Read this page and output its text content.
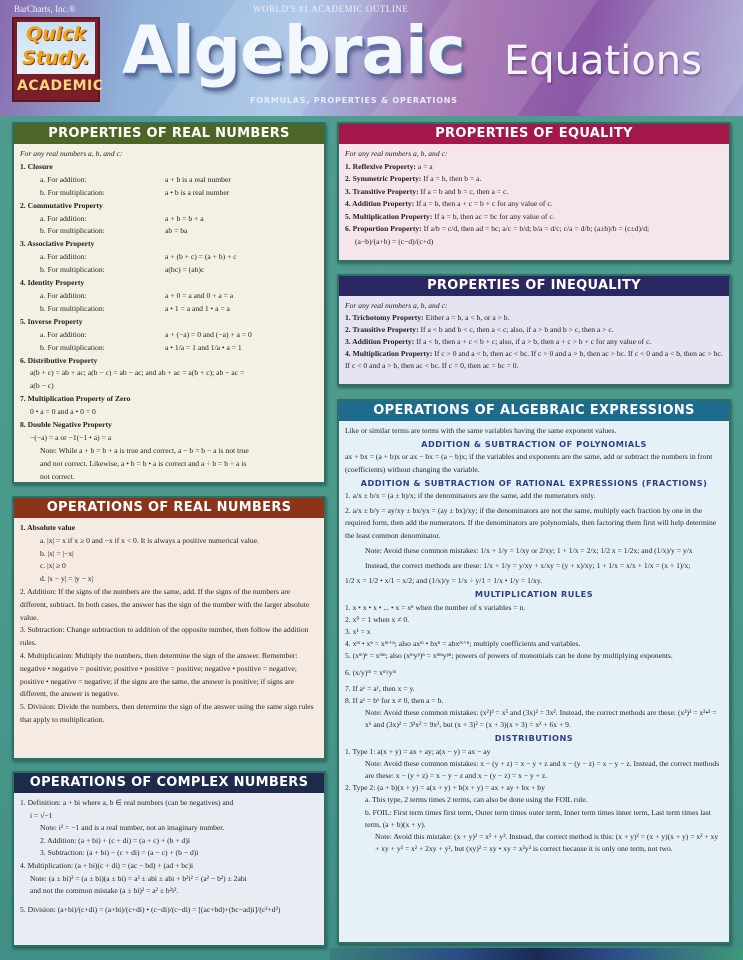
BarCharts, Inc.®
Quick
Study.
ACADEMIC
WORLD'S #1 ACADEMIC OUTLINE
Algebraic Equations
FORMULAS, PROPERTIES & OPERATIONS
PROPERTIES OF REAL NUMBERS
For any real numbers a, b, and c:
1. Closure
a. For addition:	a + b is a real number
b. For multiplication:	a • b is a real number
2. Commutative Property
a. For addition:	a + b = b + a
b. For multiplication:	ab = ba
3. Associative Property
a. For addition:	a + (b + c) = (a + b) + c
b. For multiplication:	a(bc) = (ab)c
4. Identity Property
a. For addition:	a + 0 = a and 0 + a = a
b. For multiplication:	a • 1 = a and 1 • a = a
5. Inverse Property
a. For addition:	a + (−a) = 0 and (−a) + a = 0
b. For multiplication:	a • 1/a = 1 and 1/a • a = 1
6. Distributive Property
a(b + c) = ab + ac; a(b − c) = ab − ac; and ab + ac = a(b + c); ab − ac =
a(b − c)
7. Multiplication Property of Zero
0 • a = 0 and a • 0 = 0
8. Double Negative Property
−(−a) = a or −1(−1 • a) = a
Note: While a + b = b + a is true and correct, a − b = b − a is not true
and not correct. Likewise, a • b = b • a is correct and a ÷ b = b ÷ a is
not correct.
PROPERTIES OF EQUALITY
For any real numbers a, b, and c:
1. Reflexive Property: a = a
2. Symmetric Property: If a = b, then b = a.
3. Transitive Property: If a = b and b = c, then a = c.
4. Addition Property: If a = b, then a + c = b + c for any value of c.
5. Multiplication Property: If a = b, then ac = bc for any value of c.
6. Proportion Property: If a/b = c/d, then ad = bc; a/c = b/d; b/a = d/c; c/a = d/b; (a±b)/b = (c±d)/d;
(a−b)/(a+b) = (c−d)/(c+d)
PROPERTIES OF INEQUALITY
For any real numbers a, b, and c:
1. Trichotomy Property: Either a = b, a < b, or a > b.
2. Transitive Property: If a < b and b < c, then a < c; also, if a > b and b > c, then a > c.
3. Addition Property: If a < b, then a + c < b + c; also, if a > b, then a + c > b + c for any value of c.
4. Multiplication Property: If c > 0 and a < b, then ac < bc. If c > 0 and a > b, then ac > bc. If c < 0 and a < b, then ac > bc. If c < 0 and a > b, then ac < bc. If c = 0, then ac = bc = 0.
OPERATIONS OF ALGEBRAIC EXPRESSIONS
Like or similar terms are terms with the same variables having the same exponent values.
ADDITION & SUBTRACTION OF POLYNOMIALS
ax + bx = (a + b)x or ax − bx = (a − b)x; if the variables and exponents are the same, add or subtract the numbers in front (coefficients) without changing the variable.
ADDITION & SUBTRACTION OF RATIONAL EXPRESSIONS (FRACTIONS)
1. a/x ± b/x = (a ± b)/x; if the denominators are the same, add the numerators only.
2. a/x ± b/y = ay/xy ± bx/yx = (ay ± bx)/xy; if the denominators are not the same, multiply each fraction by one in the required form, then add the numerators. If the denominators are polynomials, then factoring them first will help determine the least common denominator.
Note: Avoid these common mistakes: 1/x + 1/y = 1/xy or 2/xy; 1 + 1/x = 2/x; 1/2 x = 1/2x; and (1/x)/y = y/x
Instead, the correct methods are these: 1/x + 1/y = y/xy + x/xy = (y + x)/xy; 1 + 1/x = x/x + 1/x = (x + 1)/x;
1/2 x = 1/2 • x/1 = x/2; and (1/x)/y = 1/x ÷ y/1 = 1/x • 1/y = 1/xy.
MULTIPLICATION RULES
1. x • x • x • ... • x = xⁿ when the number of x variables = n.
2. x⁰ = 1 when x ≠ 0.
3. x¹ = x
4. xᵐ • xⁿ = xᵐ⁺ⁿ; also axᵐ • bxⁿ = abxᵐ⁺ⁿ; multiply coefficients and variables.
5. (xᵐ)ⁿ = xᵐⁿ; also (xᵐyᵖ)ⁿ = xᵐⁿyᵖⁿ; powers of powers of monomials can be done by multiplying exponents.
6. (x/y)ᵐ = xᵐ/yᵐ
7. If aˣ = aʸ, then x = y.
8. If aˣ = bˣ for x ≠ 0, then a = b.
Note: Avoid these common mistakes: (x²)³ = x⁵ and (3x)² = 3x². Instead, the correct methods are these: (x²)³ = x²•³ = x⁶ and (3x)² = 3²x² = 9x², but (x + 3)² = (x + 3)(x + 3) = x² + 6x + 9.
DISTRIBUTIONS
1. Type 1: a(x + y) = ax + ay; a(x − y) = ax − ay
Note: Avoid these common mistakes: x − (y + z) = x − y + z and x − (y − z) = x − y − z. Instead, the correct methods are these: x − (y + z) = x − y − z and x − (y − z) = x − y + z.
2. Type 2: (a + b)(x + y) = a(x + y) + b(x + y) = ax + ay + bx + by
a. This type, 2 terms times 2 terms, can also be done using the FOIL rule.
b. FOIL: First term times first term, Outer term times outer term, Inner term times inner term, Last term times last term, (a + b)(x + y).
Note: Avoid this mistake: (x + y)² = x² + y². Instead, the correct method is this: (x + y)² = (x + y)(x + y) = x² + xy + xy + y² = x² + 2xy + y², but (xy)² = xy • xy = x²y² is correct because it is only one term, not two.
OPERATIONS OF REAL NUMBERS
1. Absolute value
a. |x| = x if x ≥ 0 and −x if x < 0. It is always a positive numerical value.
b. |x| = |−x|
c. |x| ≥ 0
d. |x − y| = |y − x|
2. Addition: If the signs of the numbers are the same, add. If the signs of the numbers are different, subtract. In both cases, the answer has the sign of the number with the larger absolute value.
3. Subtraction: Change subtraction to addition of the opposite number, then follow the addition rules.
4. Multiplication: Multiply the numbers, then determine the sign of the answer. Remember: negative • negative = positive; positive • positive = positive; negative • positive = negative; positive • negative = negative; if the signs are the same, the answer is positive; if signs are different, the answer is negative.
5. Division: Divide the numbers, then determine the sign of the answer using the same sign rules that apply to multiplication.
OPERATIONS OF COMPLEX NUMBERS
1. Definition: a + bi where a, b ∈ real numbers (can be negatives) and
i = √−1
Note: i² = −1 and is a real number, not an imaginary number.
2. Addition: (a + bi) + (c + di) = (a + c) + (b + d)i
3. Subtraction: (a + bi) − (c + di) = (a − c) + (b − d)i
4. Multiplication: (a + bi)(c + di) = (ac − bd) + (ad + bc)i
Note: (a ± bi)² = (a ± bi)(a ± bi) = a² ± abi ± abi + b²i² = (a² − b²) ± 2abi
and not the common mistake (a ± bi)² = a² ± b²i².
5. Division: (a+bi)/(c+di) = (a+bi)/(c+di) • (c−di)/(c−di) = [(ac+bd)+(bc−ad)i]/(c²+d²)
